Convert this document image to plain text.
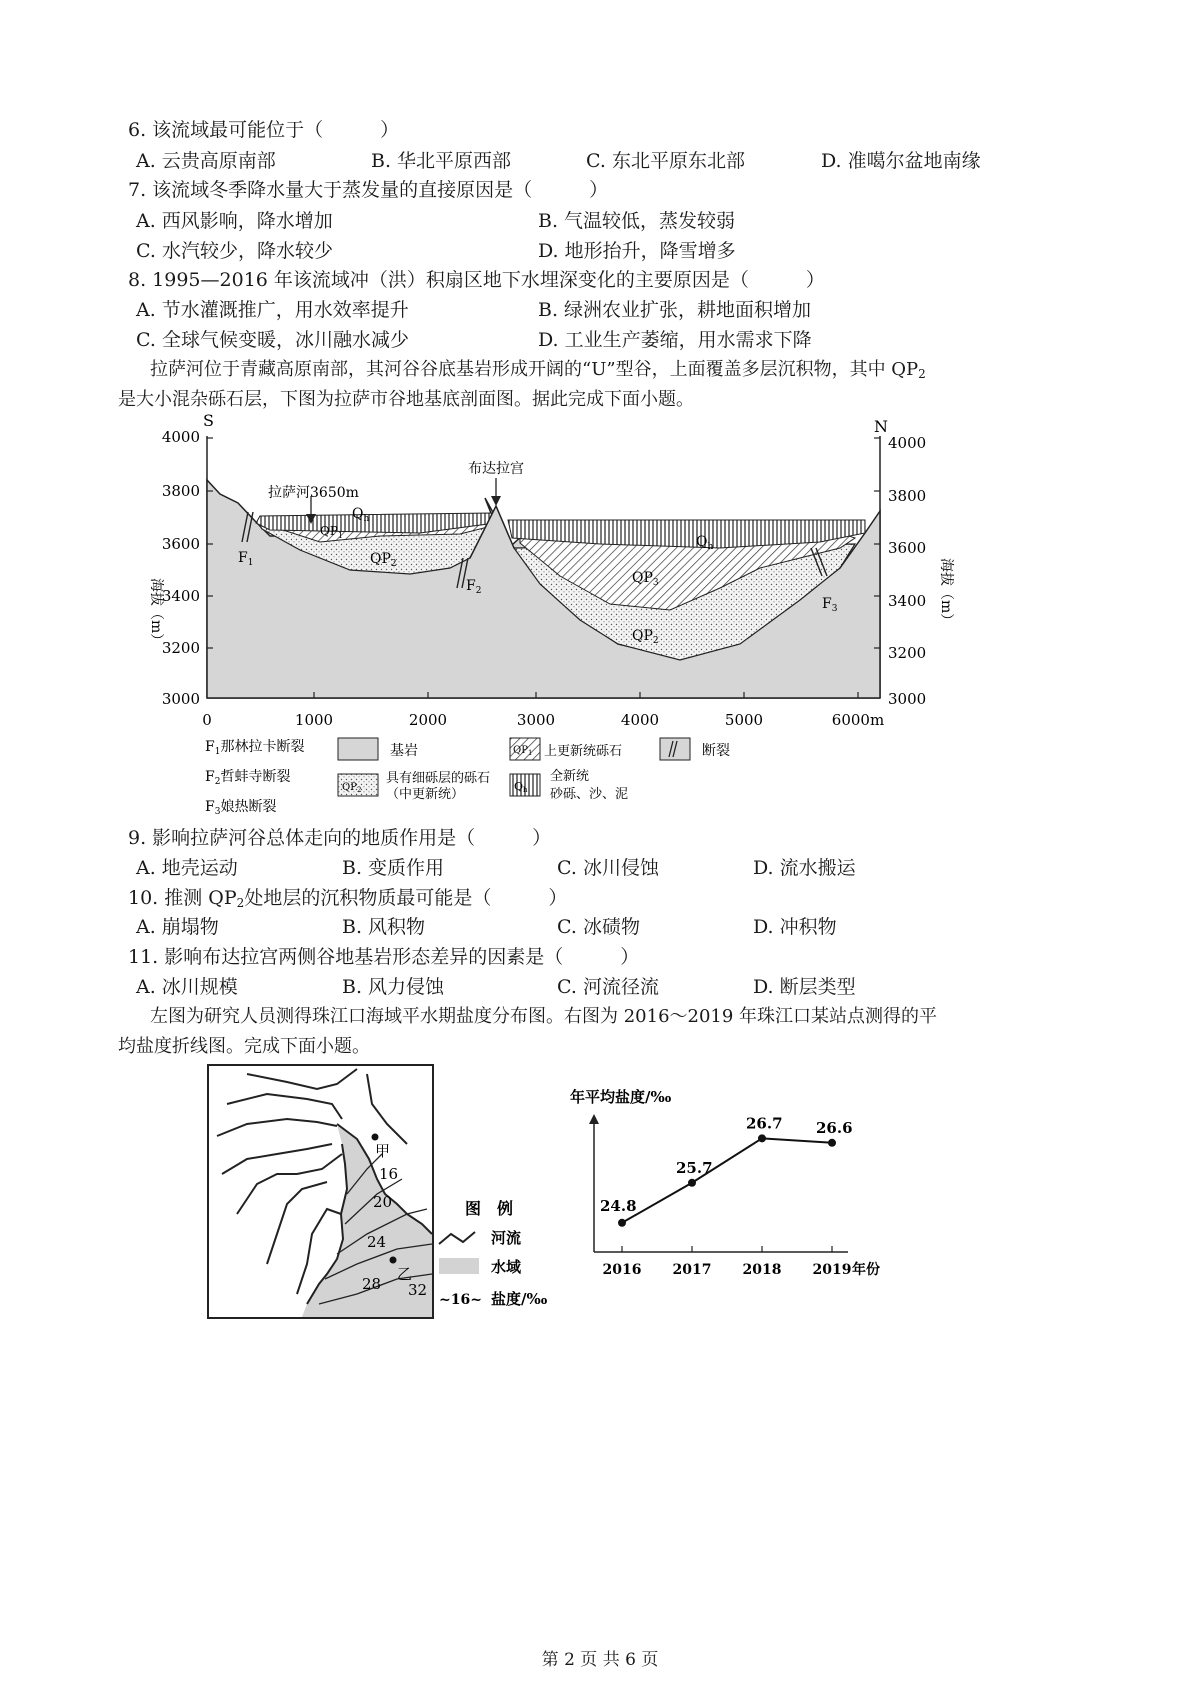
6. 该流域最可能位于（　　　）
A. 云贵高原南部	B. 华北平原西部	C. 东北平原东北部	D. 准噶尔盆地南缘
7. 该流域冬季降水量大于蒸发量的直接原因是（　　　）
A. 西风影响，降水增加	B. 气温较低，蒸发较弱
C. 水汽较少，降水较少	D. 地形抬升，降雪增多
8. 1995—2016 年该流域冲（洪）积扇区地下水埋深变化的主要原因是（　　　）
A. 节水灌溉推广，用水效率提升	B. 绿洲农业扩张，耕地面积增加
C. 全球气候变暖，冰川融水减少	D. 工业生产萎缩，用水需求下降
拉萨河位于青藏高原南部，其河谷谷底基岩形成开阔的“U”型谷，上面覆盖多层沉积物，其中 $QP_2$
是大小混杂砾石层，下图为拉萨市谷地基底剖面图。据此完成下面小题。
S	N
4000
3800
3600
3400
3200
3000
4000
3800
3600
3400
3200
3000
0	1000	2000	3000	4000	5000	6000m
海拔（m）	海拔（m）
拉萨河3650m
布达拉宫
$Q_h$
$Q_h$
$QP_1$
$QP_2$
$QP_3$
$QP_2$
$F_1$
$F_2$
$F_3$
$F_1$那林拉卡断裂
$F_2$哲蚌寺断裂
$F_3$娘热断裂
基岩
$QP_2$
具有细砾层的砾石
（中更新统）
$QP_1$ 上更新统砾石
Qh
全新统
砂砾、沙、泥
断裂
9. 影响拉萨河谷总体走向的地质作用是（　　　）
A. 地壳运动	B. 变质作用	C. 冰川侵蚀	D. 流水搬运
10. 推测 $QP_2$处地层的沉积物质最可能是（　　　）
A. 崩塌物	B. 风积物	C. 冰碛物	D. 冲积物
11. 影响布达拉宫两侧谷地基岩形态差异的因素是（　　　）
A. 冰川规模	B. 风力侵蚀	C. 河流径流	D. 断层类型
左图为研究人员测得珠江口海域平水期盐度分布图。右图为 2016～2019 年珠江口某站点测得的平
均盐度折线图。完成下面小题。
甲
乙
16
20
24
28 32
图　例
河流
水域
~16~ 盐度/‰
年平均盐度/‰
年份
24.8
2016
25.7
2017
26.7
2018
26.6
2019
第 2 页 共 6 页
